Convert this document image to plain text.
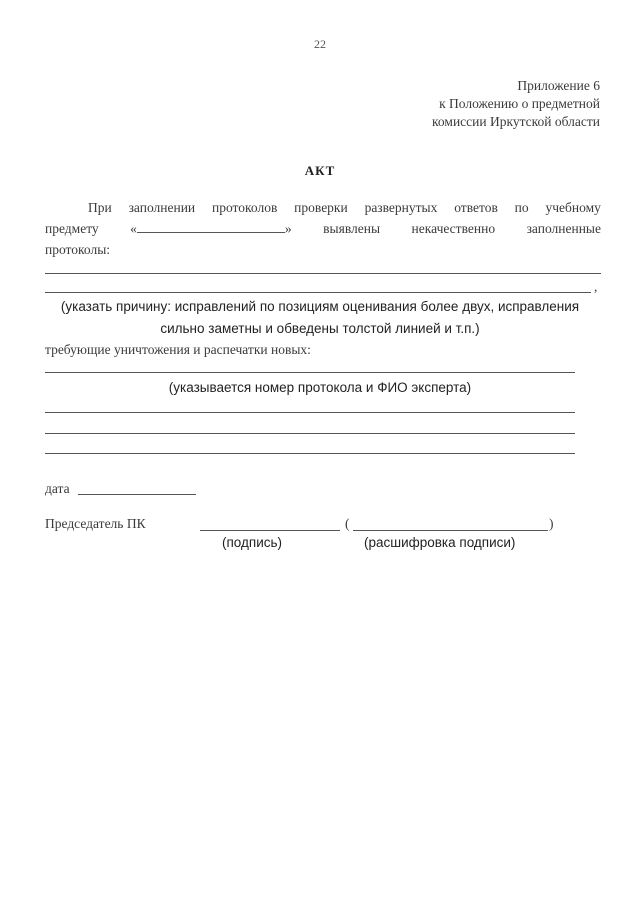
22
Приложение 6
к Положению о предметной
комиссии Иркутской области
АКТ
При заполнении протоколов проверки развернутых ответов по учебному
предмету «	» выявлены некачественно заполненные
протоколы:
,
(указать причину: исправлений по позициям оценивания более двух, исправления
сильно заметны и обведены толстой линией и т.п.)
требующие уничтожения и распечатки новых:
(указывается номер протокола и ФИО эксперта)
дата
Председатель ПК	(	)
(подпись)	(расшифровка подписи)
